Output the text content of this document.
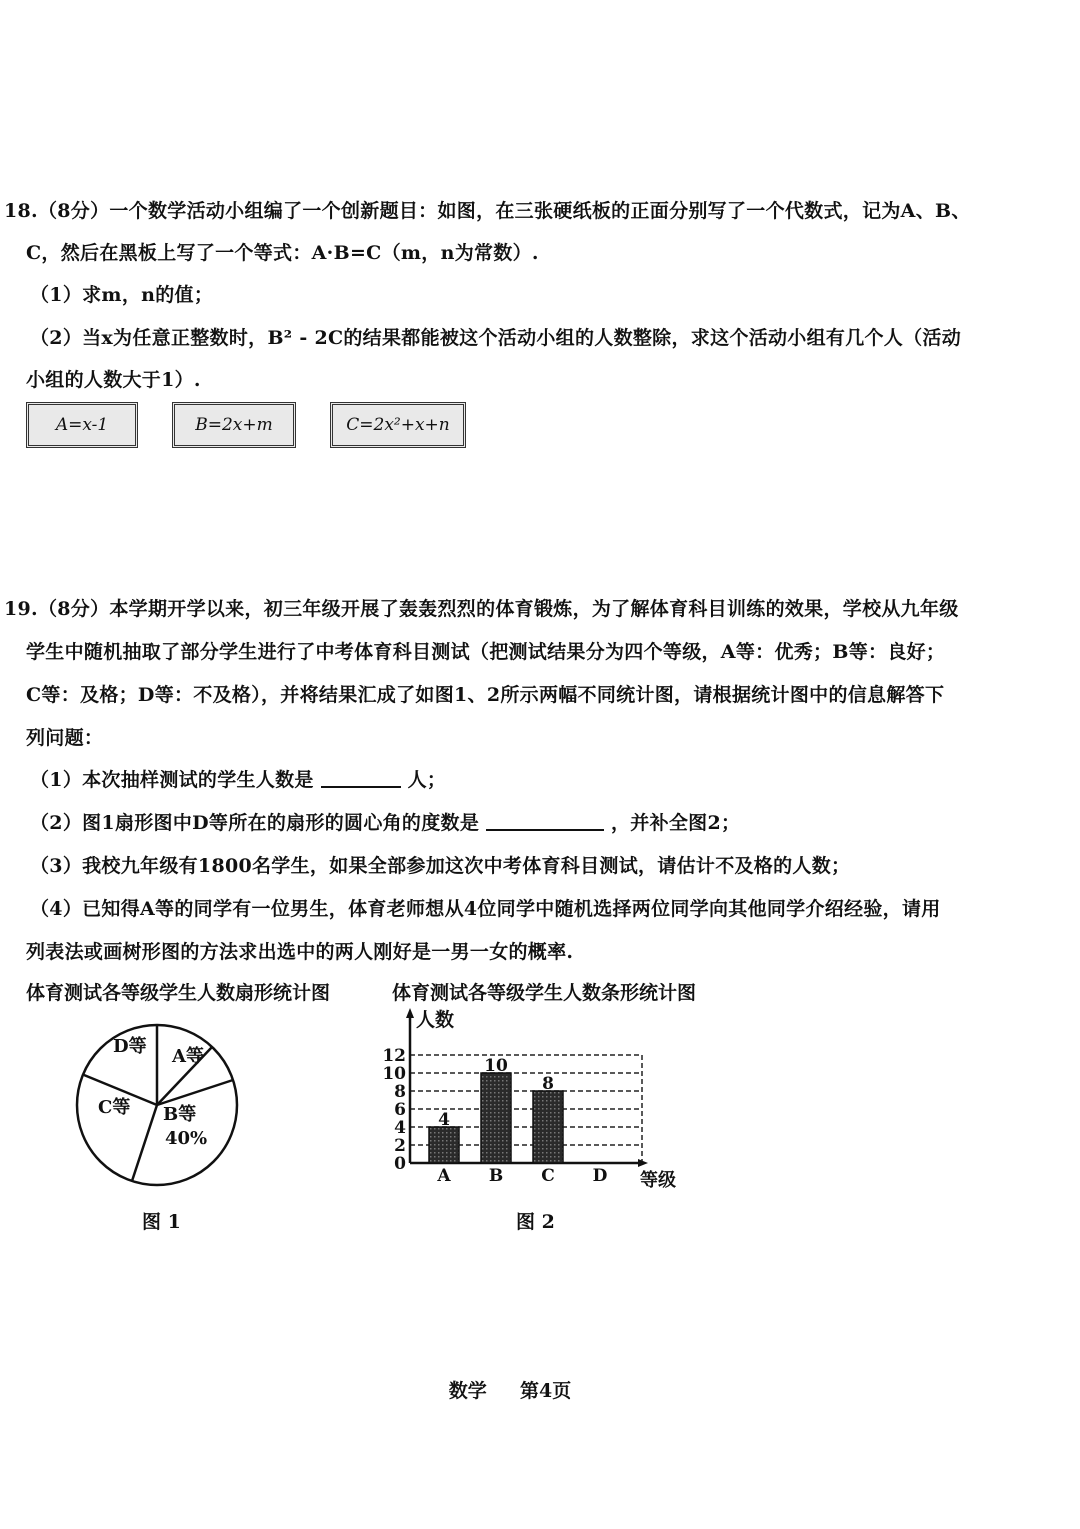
18.（8分）一个数学活动小组编了一个创新题目：如图，在三张硬纸板的正面分别写了一个代数式，记为A、B、
C，然后在黑板上写了一个等式：A·B=C（m，n为常数）.
（1）求m，n的值；
（2）当x为任意正整数时，B² - 2C的结果都能被这个活动小组的人数整除，求这个活动小组有几个人（活动
小组的人数大于1）.
A=x-1	B=2x+m	C=2x²+x+n
19.（8分）本学期开学以来，初三年级开展了轰轰烈烈的体育锻炼，为了解体育科目训练的效果，学校从九年级
学生中随机抽取了部分学生进行了中考体育科目测试（把测试结果分为四个等级，A等：优秀；B等：良好；
C等：及格；D等：不及格），并将结果汇成了如图1、2所示两幅不同统计图，请根据统计图中的信息解答下
列问题：
（1）本次抽样测试的学生人数是	人；
（2）图1扇形图中D等所在的扇形的圆心角的度数是	，并补全图2；
（3）我校九年级有1800名学生，如果全部参加这次中考体育科目测试，请估计不及格的人数；
（4）已知得A等的同学有一位男生，体育老师想从4位同学中随机选择两位同学向其他同学介绍经验，请用
列表法或画树形图的方法求出选中的两人刚好是一男一女的概率.
体育测试各等级学生人数扇形统计图	体育测试各等级学生人数条形统计图
D等 A等
B等
40%
C等
人数
等级
0
2
4
6
8
10
12
A B C D
4
10
8
图 1	图 2
数学 第4页
